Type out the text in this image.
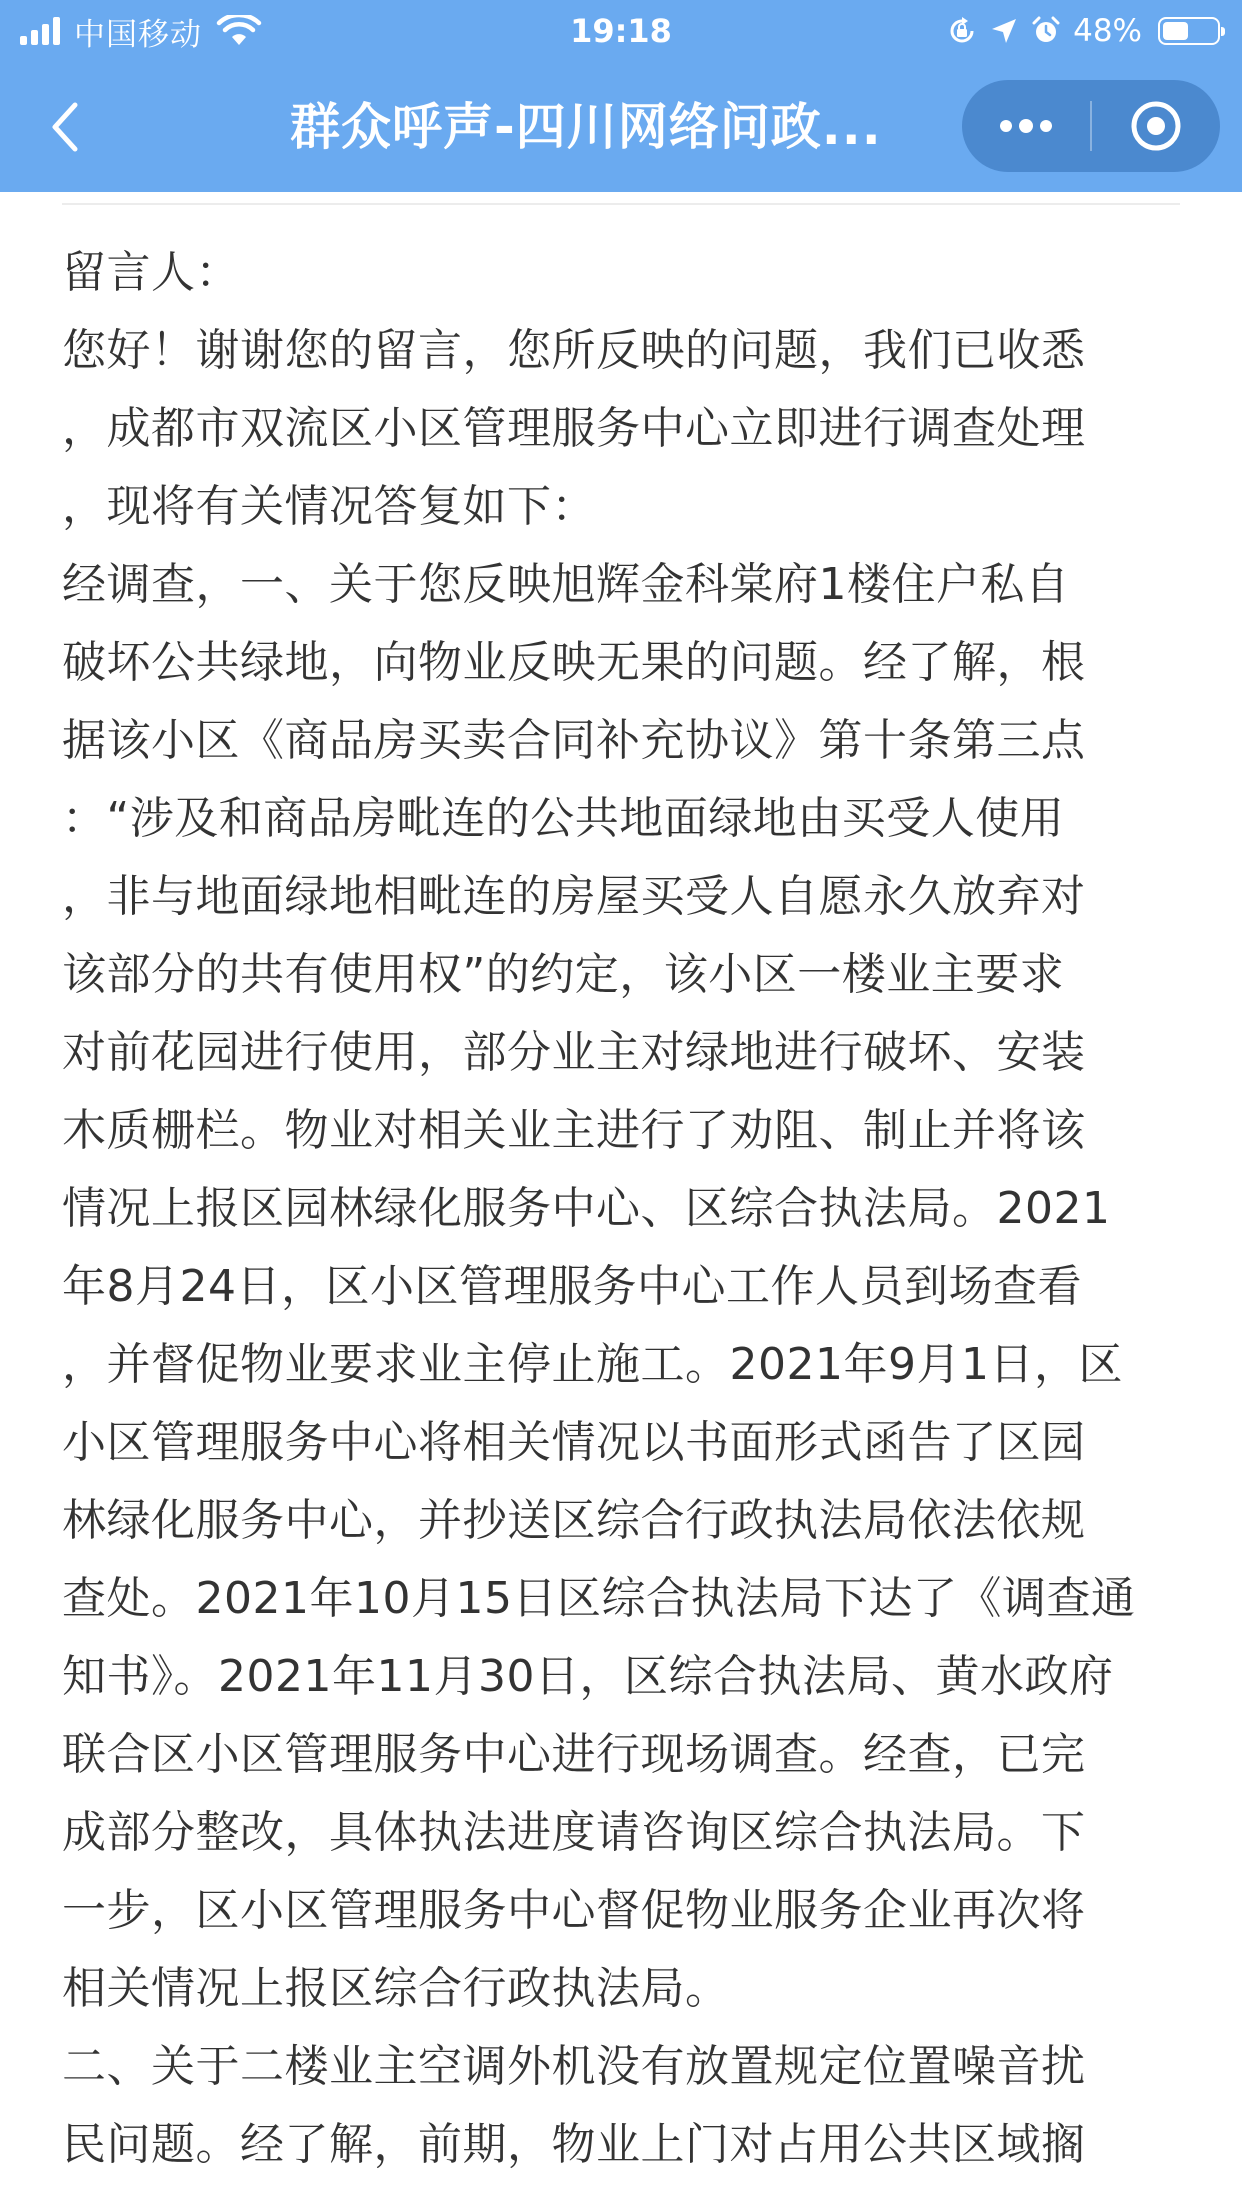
中国移动	19:18	48%
群众呼声-四川网络问政...
留言人：
您好！谢谢您的留言，您所反映的问题，我们已收悉
，成都市双流区小区管理服务中心立即进行调查处理
，现将有关情况答复如下：
经调查，一、关于您反映旭辉金科棠府1楼住户私自
破坏公共绿地，向物业反映无果的问题。经了解，根
据该小区《商品房买卖合同补充协议》第十条第三点
：“涉及和商品房毗连的公共地面绿地由买受人使用
，非与地面绿地相毗连的房屋买受人自愿永久放弃对
该部分的共有使用权”的约定，该小区一楼业主要求
对前花园进行使用，部分业主对绿地进行破坏、安装
木质栅栏。物业对相关业主进行了劝阻、制止并将该
情况上报区园林绿化服务中心、区综合执法局。2021
年8月24日，区小区管理服务中心工作人员到场查看
，并督促物业要求业主停止施工。2021年9月1日，区
小区管理服务中心将相关情况以书面形式函告了区园
林绿化服务中心，并抄送区综合行政执法局依法依规
查处。2021年10月15日区综合执法局下达了《调查通
知书》。2021年11月30日，区综合执法局、黄水政府
联合区小区管理服务中心进行现场调查。经查，已完
成部分整改，具体执法进度请咨询区综合执法局。下
一步，区小区管理服务中心督促物业服务企业再次将
相关情况上报区综合行政执法局。
二、关于二楼业主空调外机没有放置规定位置噪音扰
民问题。经了解，前期，物业上门对占用公共区域搁
